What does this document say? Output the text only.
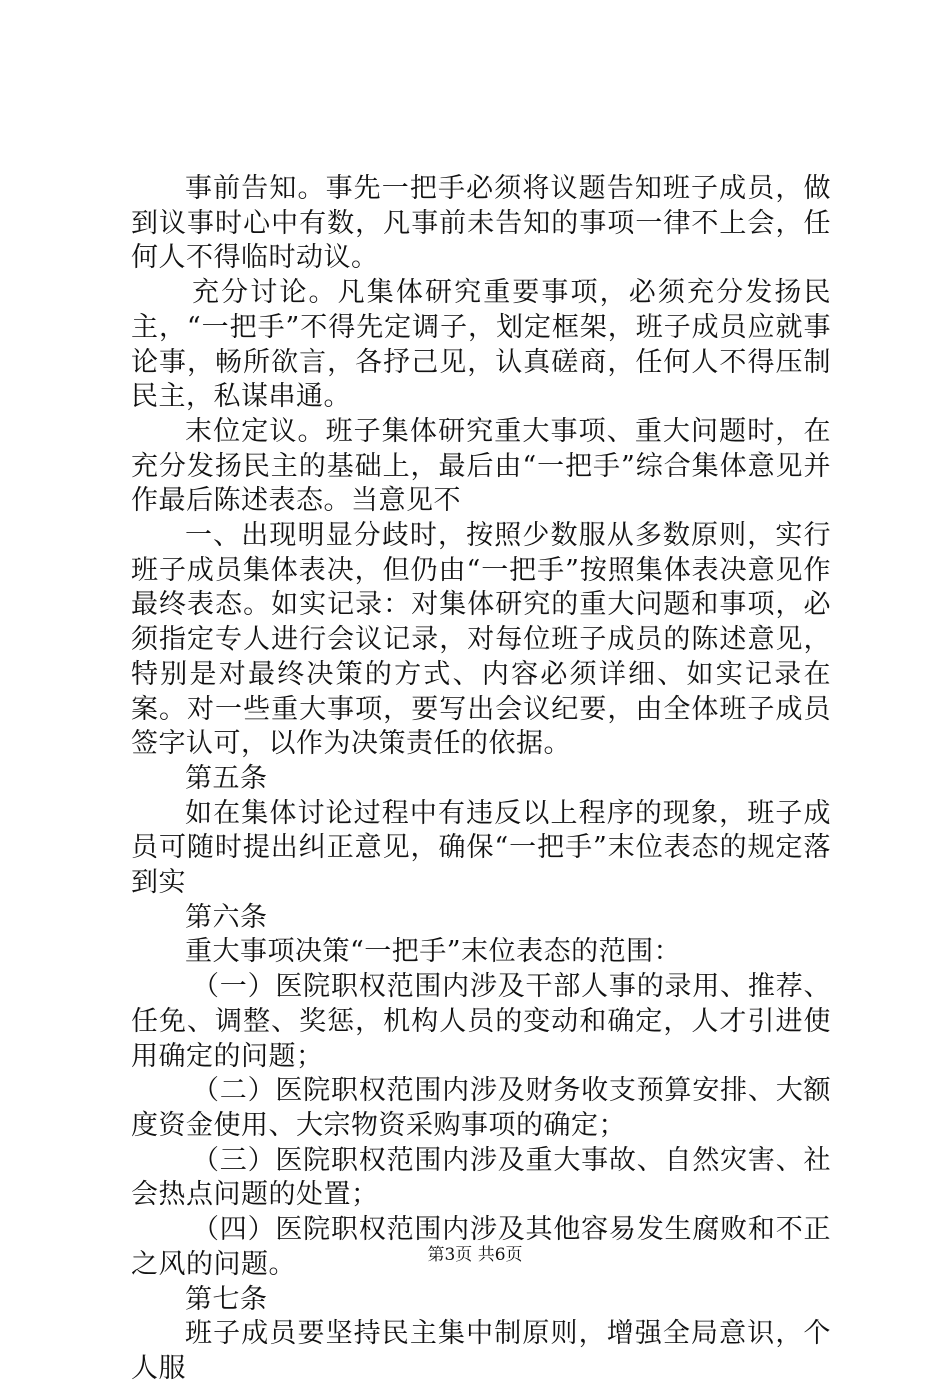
事前告知。事先一把手必须将议题告知班子成员，做到议事时心中有数，凡事前未告知的事项一律不上会，任何人不得临时动议。

充分讨论。凡集体研究重要事项，必须充分发扬民主，“一把手”不得先定调子，划定框架，班子成员应就事论事，畅所欲言，各抒己见，认真磋商，任何人不得压制民主，私谋串通。

末位定议。班子集体研究重大事项、重大问题时，在充分发扬民主的基础上，最后由“一把手”综合集体意见并作最后陈述表态。当意见不

一、出现明显分歧时，按照少数服从多数原则，实行班子成员集体表决，但仍由“一把手”按照集体表决意见作最终表态。如实记录：对集体研究的重大问题和事项，必须指定专人进行会议记录，对每位班子成员的陈述意见，特别是对最终决策的方式、内容必须详细、如实记录在案。对一些重大事项，要写出会议纪要，由全体班子成员签字认可，以作为决策责任的依据。

第五条

如在集体讨论过程中有违反以上程序的现象，班子成员可随时提出纠正意见，确保“一把手”末位表态的规定落到实

第六条

重大事项决策“一把手”末位表态的范围：

（一）医院职权范围内涉及干部人事的录用、推荐、任免、调整、奖惩，机构人员的变动和确定，人才引进使用确定的问题；

（二）医院职权范围内涉及财务收支预算安排、大额度资金使用、大宗物资采购事项的确定；

（三）医院职权范围内涉及重大事故、自然灾害、社会热点问题的处置；

（四）医院职权范围内涉及其他容易发生腐败和不正之风的问题。

第七条

班子成员要坚持民主集中制原则，增强全局意识，个人服

第3页 共6页
